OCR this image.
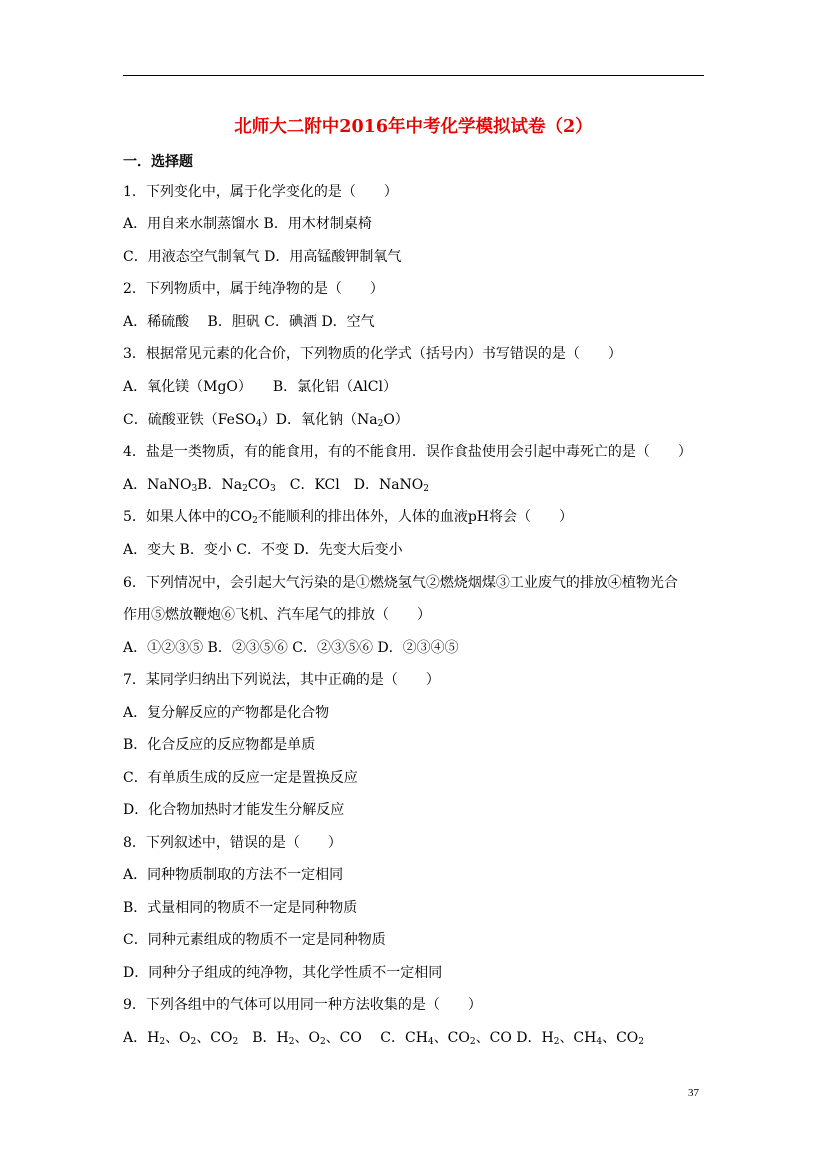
北师大二附中2016年中考化学模拟试卷（2）
一．选择题
1．下列变化中，属于化学变化的是（　　）
A．用自来水制蒸馏水 B．用木材制桌椅
C．用液态空气制氧气 D．用高锰酸钾制氧气
2．下列物质中，属于纯净物的是（　　）
A．稀硫酸　 B．胆矾 C．碘酒 D．空气
3．根据常见元素的化合价，下列物质的化学式（括号内）书写错误的是（　　）
A．氧化镁（MgO）　　B．氯化铝（AlCl）
C．硫酸亚铁（FeSO$_4$）D．氧化钠$(Na_2O)$
4．盐是一类物质，有的能食用，有的不能食用．误作食盐使用会引起中毒死亡的是（　　）
A．NaNO$_3$B．$Na_2CO_3$　C．KCl　D．NaNO$_2$
5．如果人体中的$CO_2$不能顺利的排出体外，人体的血液pH将会（　　）
A．变大 B．变小 C．不变 D．先变大后变小
6．下列情况中，会引起大气污染的是①燃烧氢气②燃烧烟煤③工业废气的排放④植物光合
作用⑤燃放鞭炮⑥飞机、汽车尾气的排放（　　）
A．①②③⑤ B．②③⑤⑥ C．②③⑤⑥ D．②③④⑤
7．某同学归纳出下列说法，其中正确的是（　　）
A．复分解反应的产物都是化合物
B．化合反应的反应物都是单质
C．有单质生成的反应一定是置换反应
D．化合物加热时才能发生分解反应
8．下列叙述中，错误的是（　　）
A．同种物质制取的方法不一定相同
B．式量相同的物质不一定是同种物质
C．同种元素组成的物质不一定是同种物质
D．同种分子组成的纯净物，其化学性质不一定相同
9．下列各组中的气体可以用同一种方法收集的是（　　）
A．$H_2$、$O_2$、$CO_2$　B．$H_2$、$O_2$、CO　 C．$CH_4$、$CO_2$、CO D．$H_2$、$CH_4$、$CO_2$
37
